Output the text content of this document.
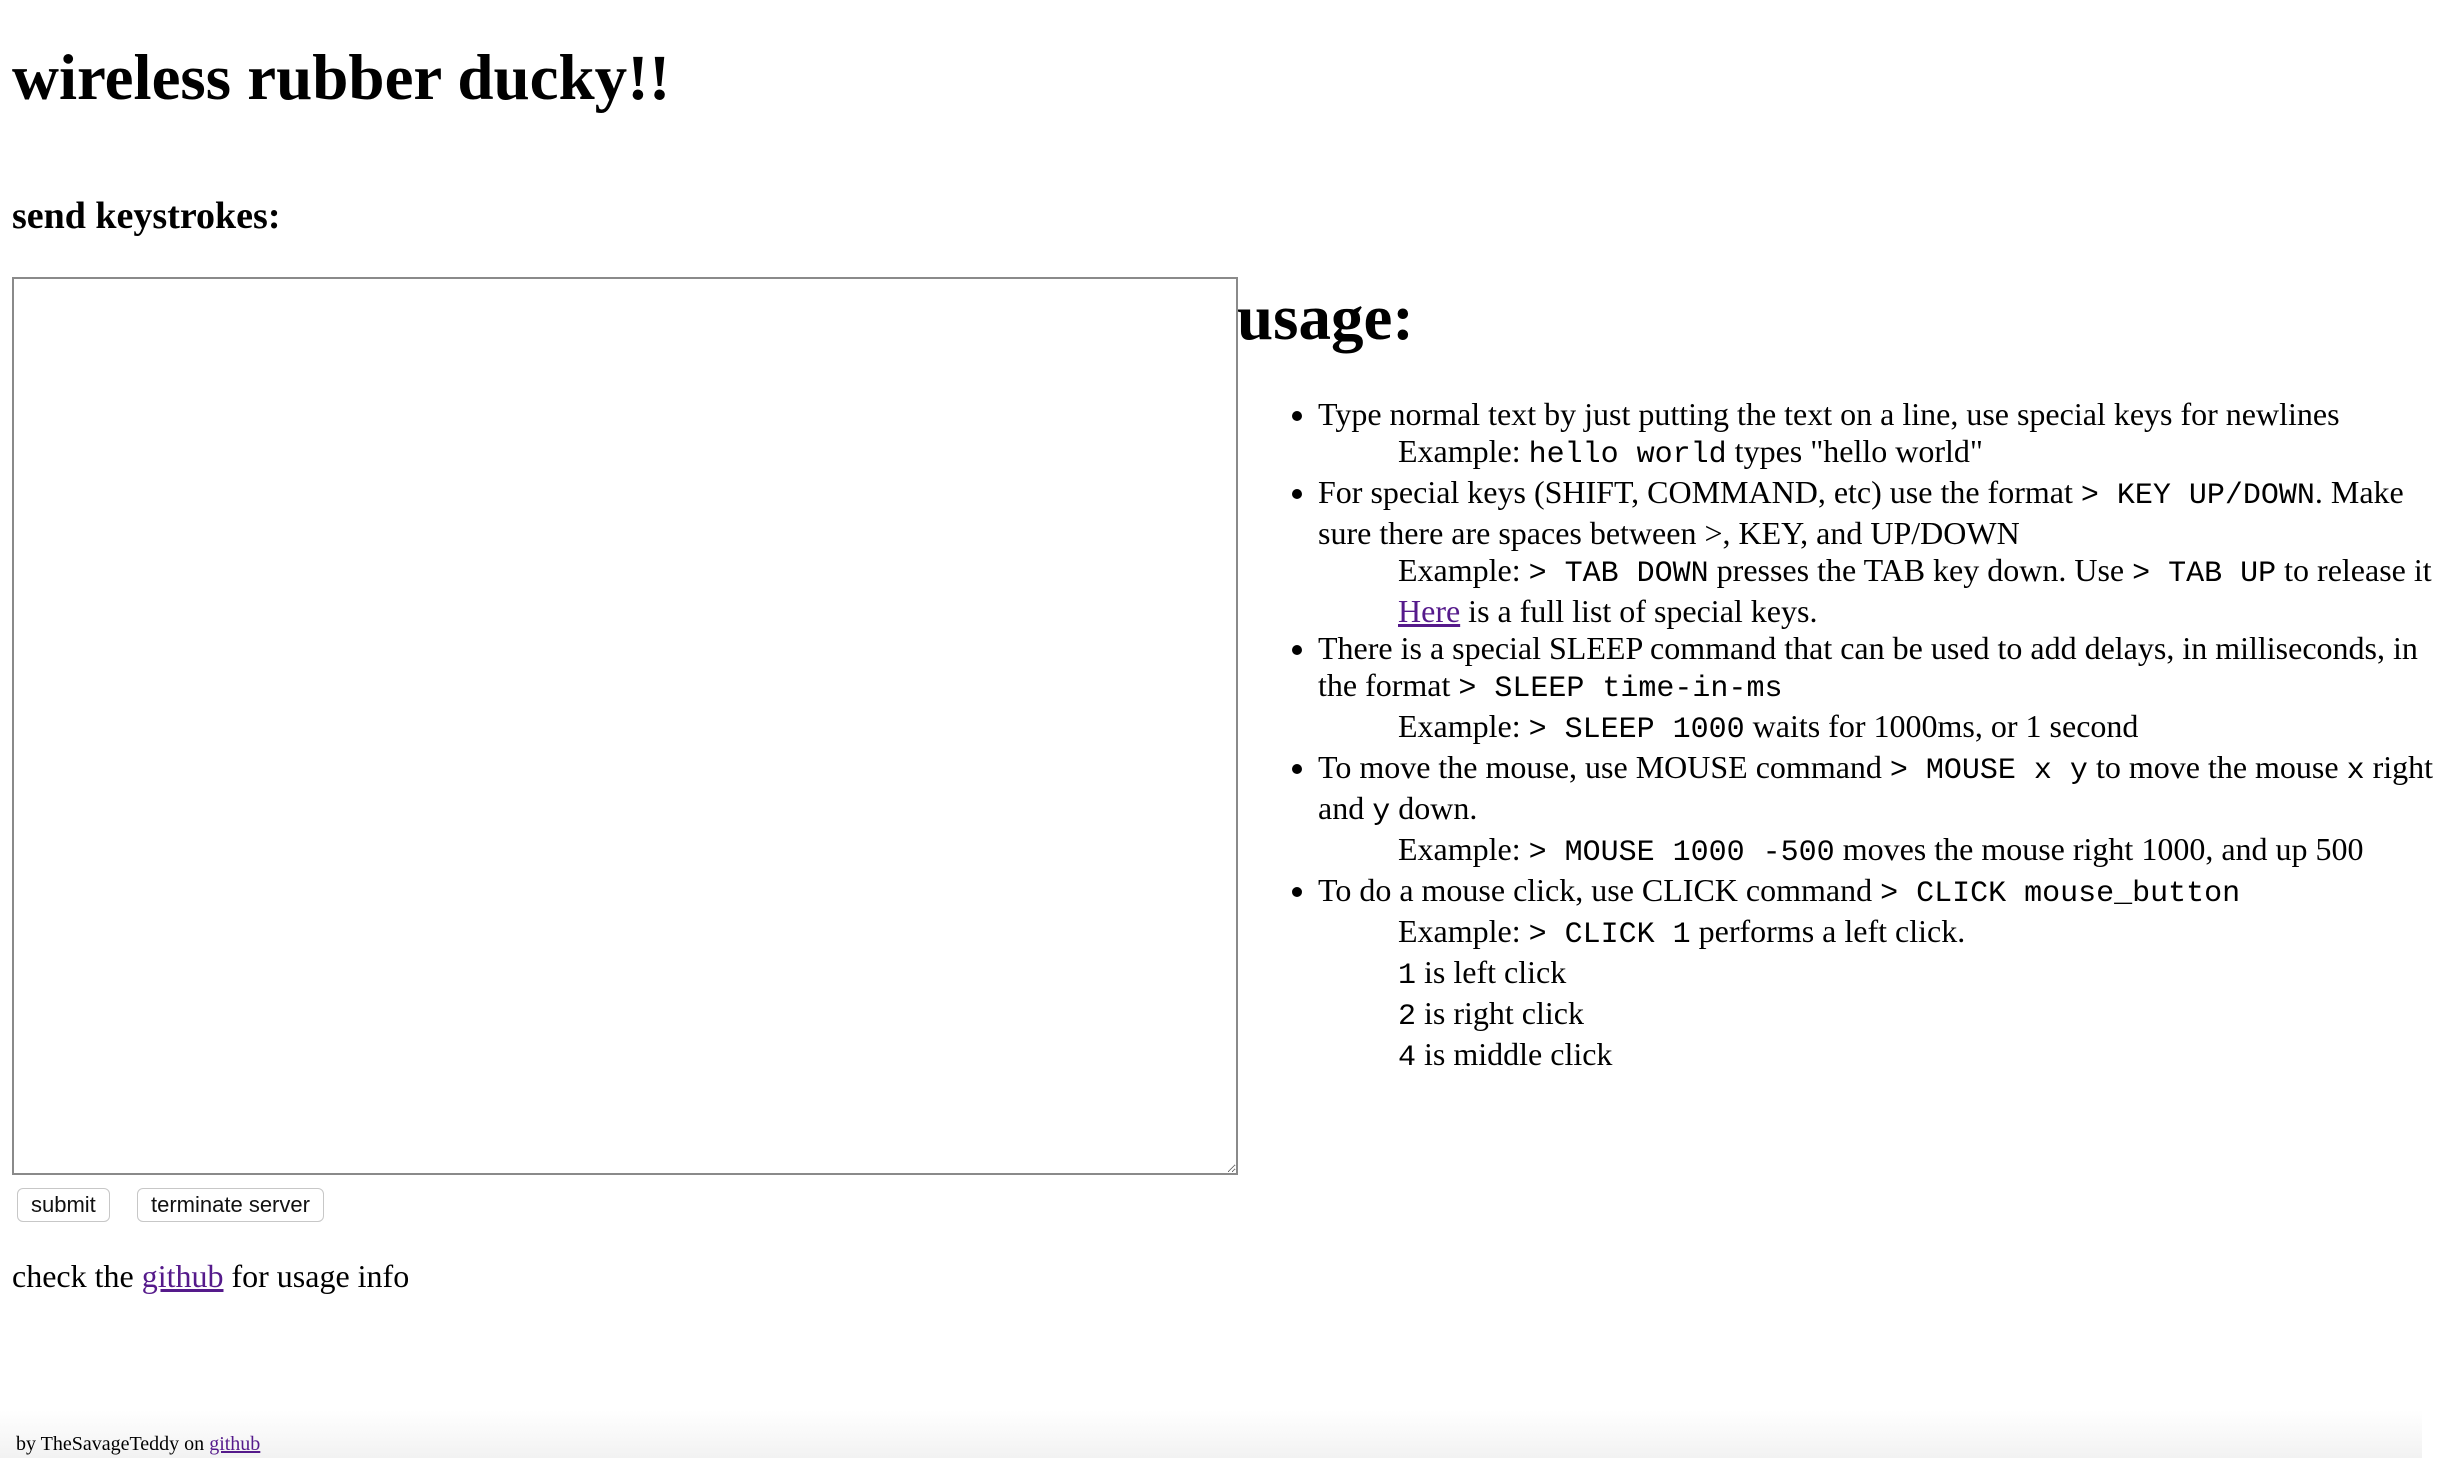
wireless rubber ducky!!
send keystrokes:
submit	terminate server
check the github for usage info
usage:
• Type normal text by just putting the text on a line, use special keys for newlines
Example: hello world types "hello world"
• For special keys (SHIFT, COMMAND, etc) use the format > KEY UP/DOWN. Make sure there are spaces between >, KEY, and UP/DOWN
Example: > TAB DOWN presses the TAB key down. Use > TAB UP to release it
Here is a full list of special keys.
• There is a special SLEEP command that can be used to add delays, in milliseconds, in the format > SLEEP time-in-ms
Example: > SLEEP 1000 waits for 1000ms, or 1 second
• To move the mouse, use MOUSE command > MOUSE x y to move the mouse x right and y down.
Example: > MOUSE 1000 -500 moves the mouse right 1000, and up 500
• To do a mouse click, use CLICK command > CLICK mouse_button
Example: > CLICK 1 performs a left click.
1 is left click
2 is right click
4 is middle click
by TheSavageTeddy on github
